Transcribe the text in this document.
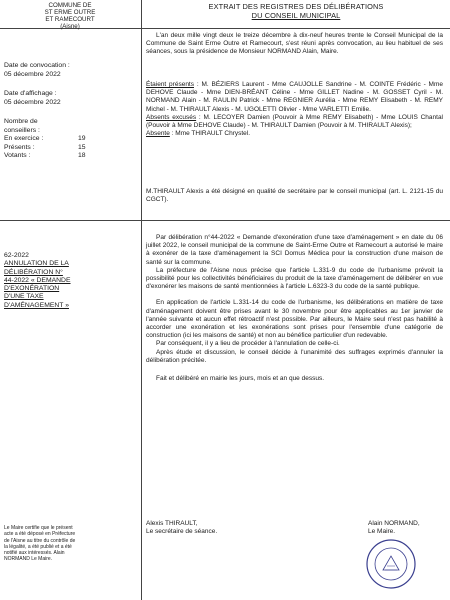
COMMUNE DE
ST ERME OUTRE
ET RAMECOURT
(Aisne)
EXTRAIT DES REGISTRES DES DÉLIBÉRATIONS
DU CONSEIL MUNICIPAL
Date de convocation :
05 décembre 2022
Date d'affichage :
05 décembre 2022
Nombre de conseillers :
En exercice :	19
Présents :	15
Votants :	18

L'an deux mille vingt deux le treize décembre à dix-neuf heures trente le Conseil Municipal de la Commune de Saint Erme Outre et Ramecourt, s'est réuni après convocation, au lieu habituel de ses séances, sous la présidence de Monsieur NORMAND Alain, Maire.

Étaient présents : M. BÉZIERS Laurent - Mme CAUJOLLE Sandrine - M. COINTE Frédéric - Mme DEHOVE Claude - Mme DIEN-BRÉANT Céline - Mme GILLET Nadine - M. GOSSET Cyril - M. NORMAND Alain - M. RAULIN Patrick - Mme REGNIER Aurélia - Mme REMY Elisabeth - M. REMY Michel - M. THIRAULT Alexis - M. UGOLETTI Olivier - Mme VARLETTI Emilie.
Absents excusés : M. LECOYER Damien (Pouvoir à Mme REMY Elisabeth) - Mme LOUIS Chantal (Pouvoir à Mme DEHOVE Claude) - M. THIRAULT Damien (Pouvoir à M. THIRAULT Alexis);
Absente : Mme THIRAULT Chrystel.
M.THIRAULT Alexis a été désigné en qualité de secrétaire par le conseil municipal (art. L. 2121-15 du CGCT).
62-2022
ANNULATION DE LA
DÉLIBÉRATION N°
44-2022 « DEMANDE
D'EXONÉRATION
D'UNE TAXE
D'AMÉNAGEMENT »

Par délibération n°44-2022 « Demande d'exonération d'une taxe d'aménagement » en date du 06 juillet 2022, le conseil municipal de la commune de Saint-Erme Outre et Ramecourt a autorisé le maire à exonérer de la taxe d'aménagement la SCI Domus Médica pour la construction d'une maison de santé sur la commune.

La préfecture de l'Aisne nous précise que l'article L.331-9 du code de l'urbanisme prévoit la possibilité pour les collectivités bénéficiaires du produit de la taxe d'aménagement de délibérer en vue d'exonérer les maisons de santé mentionnées à l'article L.6323-3 du code de la santé publique.

En application de l'article L.331-14 du code de l'urbanisme, les délibérations en matière de taxe d'aménagement doivent être prises avant le 30 novembre pour être applicables au 1er janvier de l'année suivante et aucun effet rétroactif n'est possible. Par ailleurs, le Maire seul n'est pas habilité à accorder une exonération et les exonérations sont prises pour l'ensemble d'une catégorie de construction (ici les maisons de santé) et non au bénéfice particulier d'un redevable.

Par conséquent, il y a lieu de procéder à l'annulation de celle-ci.

Après étude et discussion, le conseil décide à l'unanimité des suffrages exprimés d'annuler la délibération précitée.

Fait et délibéré en mairie les jours, mois et an que dessus.

Le Maire certifie que le présent acte a été déposé en Préfecture de l'Aisne au titre du contrôle de la légalité, a été publié et a été notifié aux intéressés. Alain NORMAND Le Maire.
Alexis THIRAULT,
Le secrétaire de séance.
Alain NORMAND,
Le Maire.
